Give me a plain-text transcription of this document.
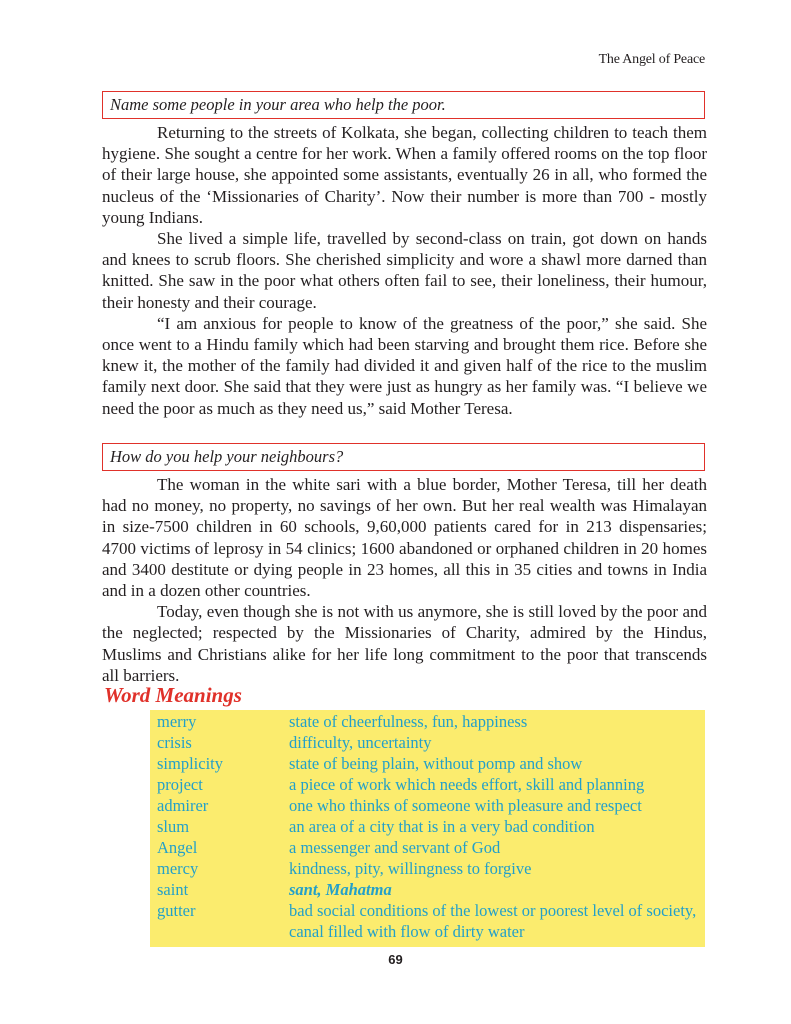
The Angel of Peace
Name some people in your area who help the poor.

Returning to the streets of Kolkata, she began, collecting children to teach them hygiene. She sought a centre for her work. When a family offered rooms on the top floor of their large house, she appointed some assistants, eventually 26 in all, who formed the nucleus of the ‘Missionaries of Charity’. Now their number is more than 700 - mostly young Indians.

She lived a simple life, travelled by second-class on train, got down on hands and knees to scrub floors. She cherished simplicity and wore a shawl more darned than knitted. She saw in the poor what others often fail to see, their loneliness, their humour, their honesty and their courage.

“I am anxious for people to know of the greatness of the poor,” she said. She once went to a Hindu family which had been starving and brought them rice. Before she knew it, the mother of the family had divided it and given half of the rice to the muslim family next door. She said that they were just as hungry as her family was. “I believe we need the poor as much as they need us,” said Mother Teresa.

How do you help your neighbours?

The woman in the white sari with a blue border, Mother Teresa, till her death had no money, no property, no savings of her own. But her real wealth was Himalayan in size-7500 children in 60 schools, 9,60,000 patients cared for in 213 dispensaries; 4700 victims of leprosy in 54 clinics; 1600 abandoned or orphaned children in 20 homes and 3400 destitute or dying people in 23 homes, all this in 35 cities and towns in India and in a dozen other countries.

Today, even though she is not with us anymore, she is still loved by the poor and the neglected; respected by the Missionaries of Charity, admired by the Hindus, Muslims and Christians alike for her life long commitment to the poor that transcends all barriers.

Word Meanings
merry	state of cheerfulness, fun, happiness
crisis	difficulty, uncertainty
simplicity	state of being plain, without pomp and show
project	a piece of work which needs effort, skill and planning
admirer	one who thinks of someone with pleasure and respect
slum	an area of a city that is in a very bad condition
Angel	a messenger and servant of God
mercy	kindness, pity, willingness to forgive
saint	sant, Mahatma
gutter	bad social conditions of the lowest or poorest level of society, canal filled with flow of dirty water
69
